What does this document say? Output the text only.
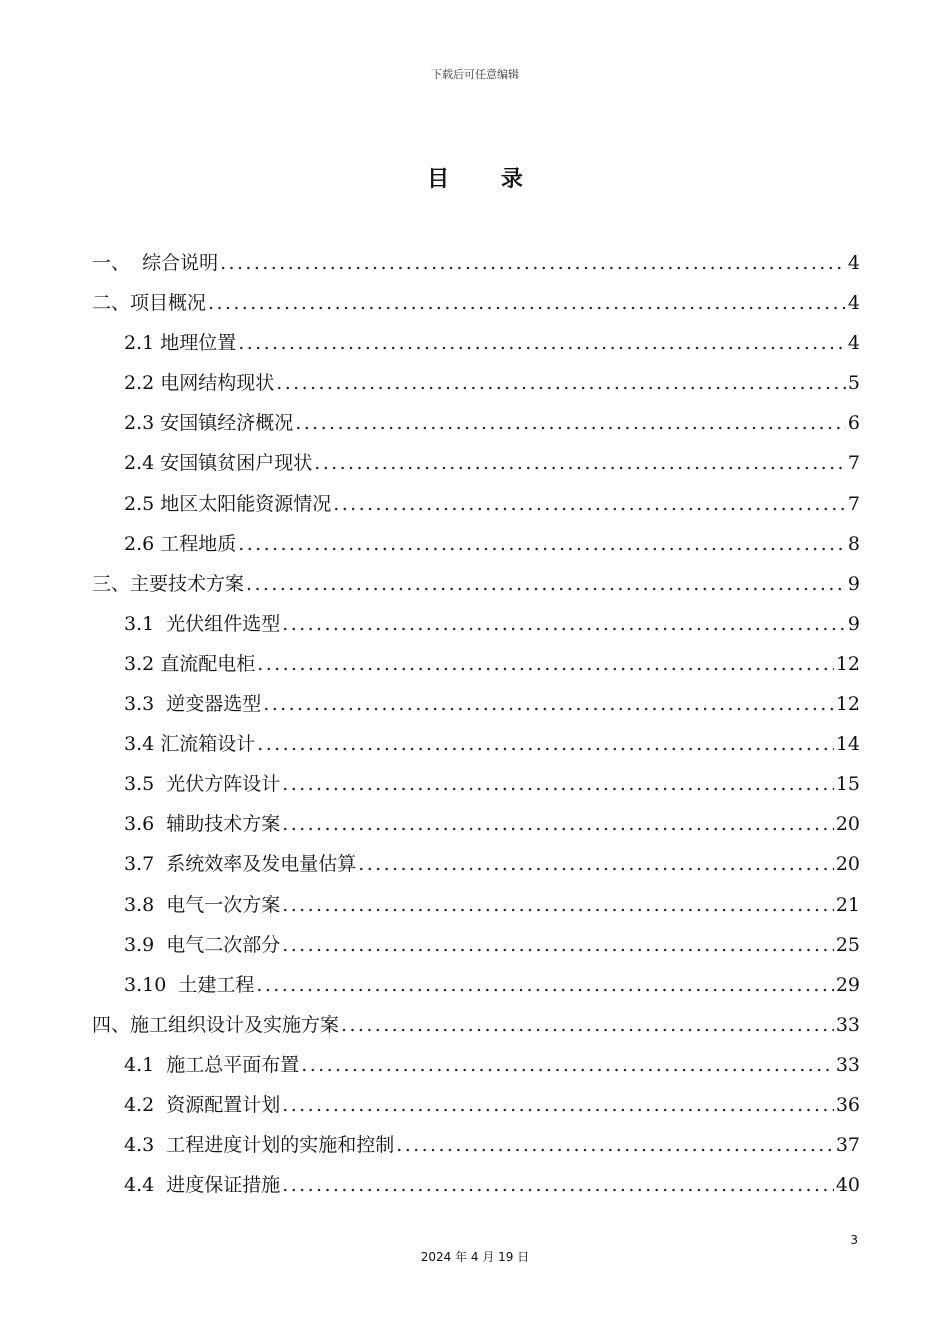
下载后可任意编辑
目 录
一、  综合说明 .....	4
二、项目概况 .....	4
2.1 地理位置 .....	4
2.2 电网结构现状 .....	5
2.3 安国镇经济概况 .....	6
2.4 安国镇贫困户现状 .....	7
2.5 地区太阳能资源情况 .....	7
2.6 工程地质 .....	8
三、主要技术方案 .....	9
3.1  光伏组件选型 .....	9
3.2 直流配电柜 .....	12
3.3  逆变器选型 .....	12
3.4 汇流箱设计 .....	14
3.5  光伏方阵设计 .....	15
3.6  辅助技术方案 .....	20
3.7  系统效率及发电量估算 .....	20
3.8  电气一次方案 .....	21
3.9  电气二次部分 .....	25
3.10  土建工程 .....	29
四、施工组织设计及实施方案 .....	33
4.1  施工总平面布置 .....	33
4.2  资源配置计划 .....	36
4.3  工程进度计划的实施和控制 .....	37
4.4  进度保证措施 .....	40
3
2024 年 4 月 19 日
